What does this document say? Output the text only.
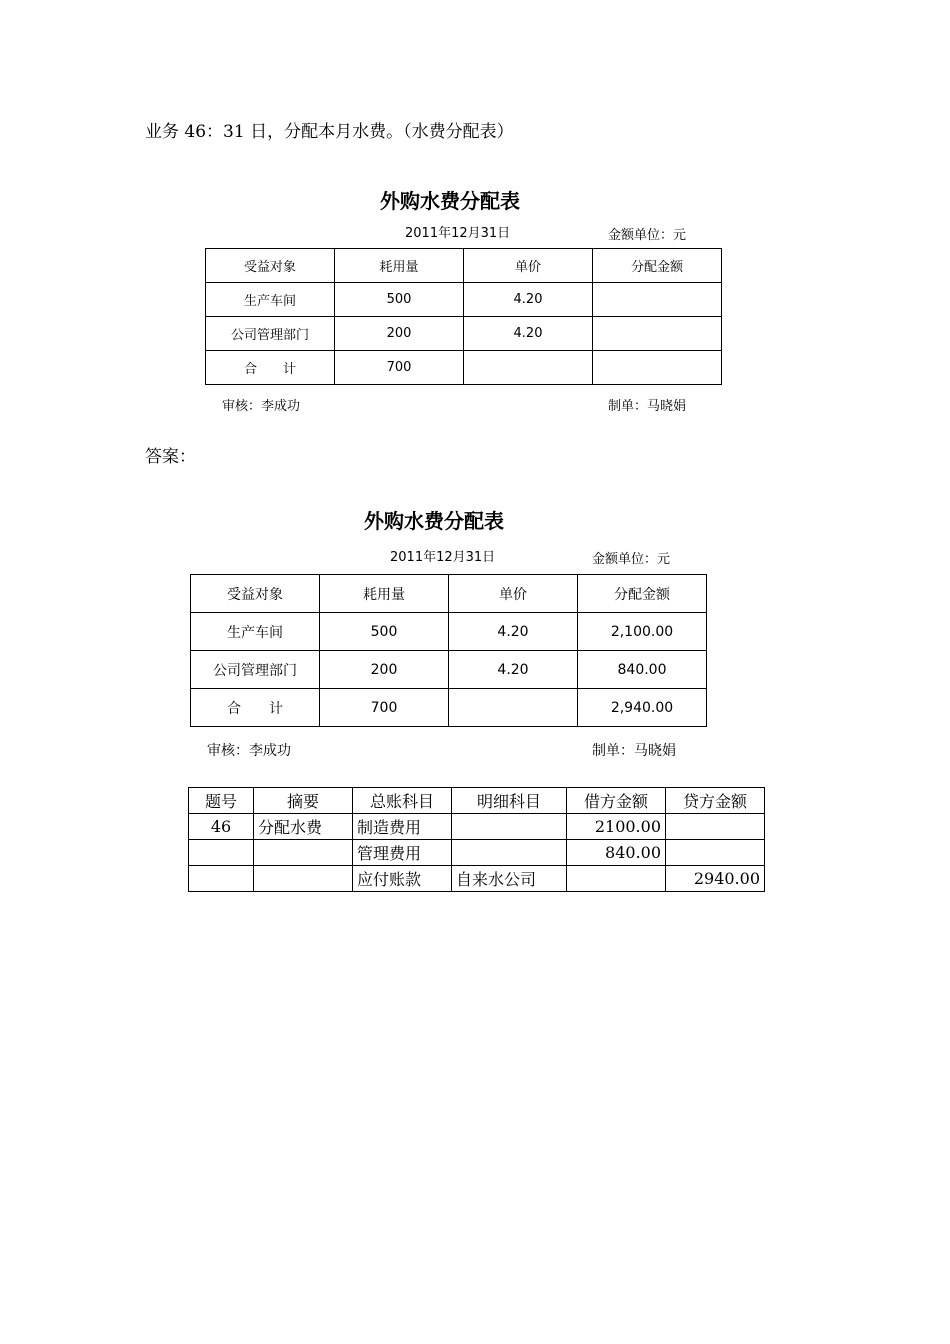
业务 46：31 日，分配本月水费。（水费分配表）
外购水费分配表
2011年12月31日	金额单位：元
受益对象	耗用量	单价	分配金额
生产车间	500	4.20	
公司管理部门	200	4.20	
合　　计	700		
审核：李成功	制单：马晓娟
答案：
外购水费分配表
2011年12月31日	金额单位：元
受益对象	耗用量	单价	分配金额
生产车间	500	4.20	2,100.00
公司管理部门	200	4.20	840.00
合　　计	700		2,940.00
审核：李成功	制单：马晓娟
题号	摘要	总账科目	明细科目	借方金额	贷方金额
46	分配水费	制造费用		2100.00	
		管理费用		840.00	
		应付账款	自来水公司		2940.00
